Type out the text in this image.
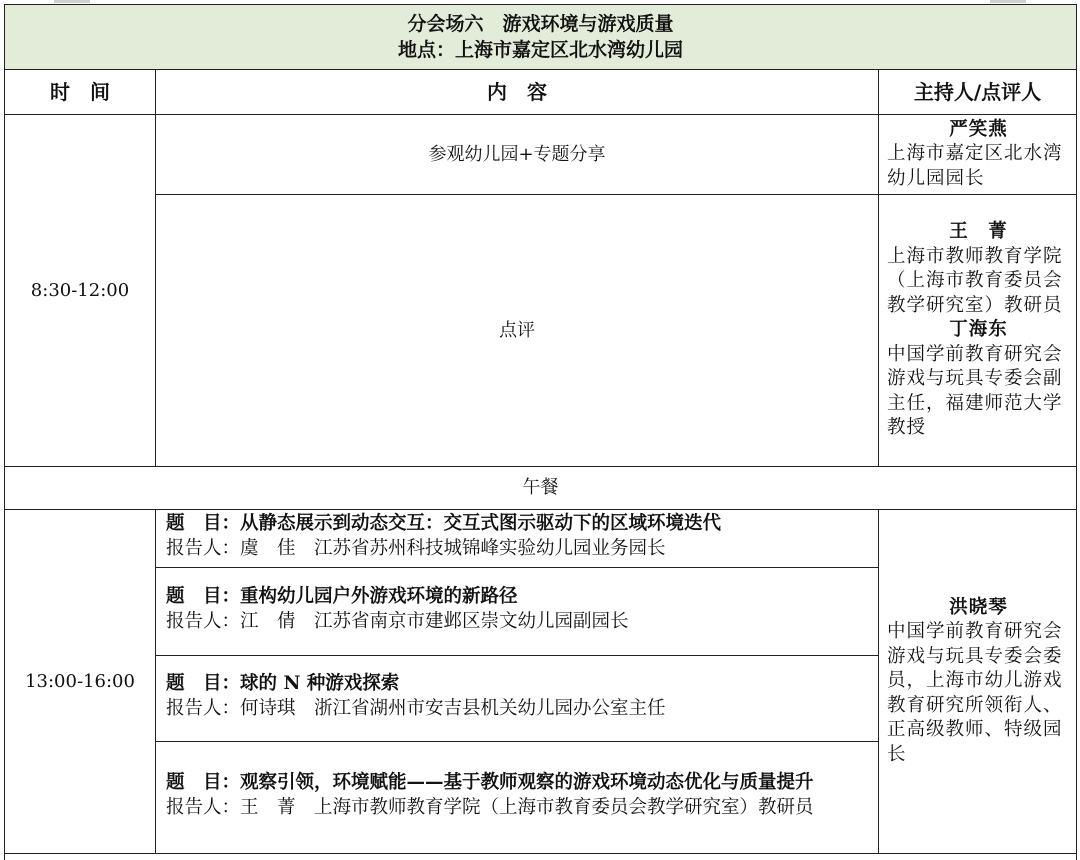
分会场六　游戏环境与游戏质量
地点：上海市嘉定区北水湾幼儿园		

时　间	内　容	主持人/点评人
8:30-12:00	参观幼儿园+专题分享	严笑燕
上海市嘉定区北水湾幼儿园园长

	点评	王　菁
上海市教师教育学院（上海市教育委员会教学研究室）教研员
丁海东
中国学前教育研究会游戏与玩具专委会副主任，福建师范大学教授

午餐		
13:00-16:00	题　目：从静态展示到动态交互：交互式图示驱动下的区域环境迭代
报告人：虞　佳　江苏省苏州科技城锦峰实验幼儿园业务园长	洪晓琴
中国学前教育研究会游戏与玩具专委会委员，上海市幼儿游戏教育研究所领衔人、正高级教师、特级园长

	题　目：重构幼儿园户外游戏环境的新路径
报告人：江　倩　江苏省南京市建邺区崇文幼儿园副园长	

	题　目：球的 N 种游戏探索
报告人：何诗琪　浙江省湖州市安吉县机关幼儿园办公室主任	

	题　目：观察引领，环境赋能——基于教师观察的游戏环境动态优化与质量提升
报告人：王　菁　上海市教师教育学院（上海市教育委员会教学研究室）教研员	
